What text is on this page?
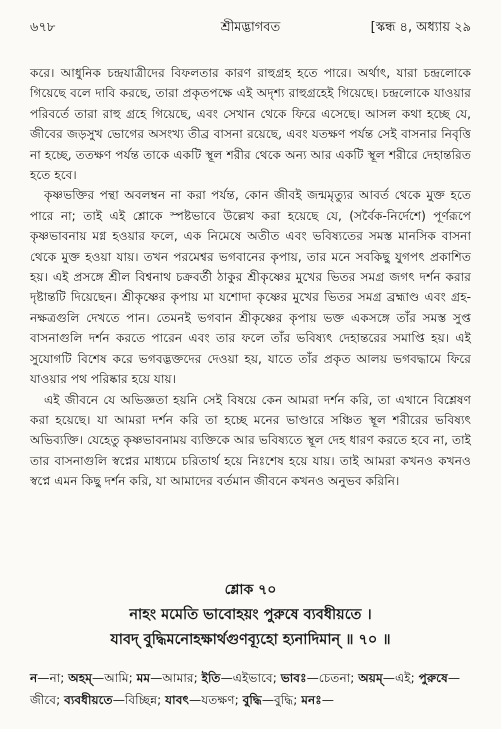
৬৭৮	শ্রীমদ্ভাগবত	[স্কন্ধ ৪, অধ্যায় ২৯

করে। আধুনিক চন্দ্রযাত্রীদের বিফলতার কারণ রাহুগ্রহ হতে পারে। অর্থাৎ, যারা চন্দ্রলোকে গিয়েছে বলে দাবি করছে, তারা প্রকৃতপক্ষে এই অদৃশ্য রাহুগ্রহেই গিয়েছে। চন্দ্রলোকে যাওয়ার পরিবর্তে তারা রাহু গ্রহে গিয়েছে, এবং সেখান থেকে ফিরে এসেছে। আসল কথা হচ্ছে যে, জীবের জড়সুখ ভোগের অসংখ্য তীব্র বাসনা রয়েছে, এবং যতক্ষণ পর্যন্ত সেই বাসনার নিবৃত্তি না হচ্ছে, ততক্ষণ পর্যন্ত তাকে একটি স্থূল শরীর থেকে অন্য আর একটি স্থূল শরীরে দেহান্তরিত হতে হবে।

কৃষ্ণভক্তির পন্থা অবলম্বন না করা পর্যন্ত, কোন জীবই জন্মমৃত্যুর আবর্ত থেকে মুক্ত হতে পারে না; তাই এই শ্লোকে স্পষ্টভাবে উল্লেখ করা হয়েছে যে, (সর্বৈক-নির্দেশে) পূর্ণরূপে কৃষ্ণভাবনায় মগ্ন হওয়ার ফলে, এক নিমেষে অতীত এবং ভবিষ্যতের সমস্ত মানসিক বাসনা থেকে মুক্ত হওয়া যায়। তখন পরমেশ্বর ভগবানের কৃপায়, তার মনে সবকিছু যুগপৎ প্রকাশিত হয়। এই প্রসঙ্গে শ্রীল বিশ্বনাথ চক্রবর্তী ঠাকুর শ্রীকৃষ্ণের মুখের ভিতর সমগ্র জগৎ দর্শন করার দৃষ্টান্তটি দিয়েছেন। শ্রীকৃষ্ণের কৃপায় মা যশোদা কৃষ্ণের মুখের ভিতর সমগ্র ব্রহ্মাণ্ড এবং গ্রহ-নক্ষত্রগুলি দেখতে পান। তেমনই ভগবান শ্রীকৃষ্ণের কৃপায় ভক্ত একসঙ্গে তাঁর সমস্ত সুপ্ত বাসনাগুলি দর্শন করতে পারেন এবং তার ফলে তাঁর ভবিষ্যৎ দেহান্তরের সমাপ্তি হয়। এই সুযোগটি বিশেষ করে ভগবদ্ভক্তদের দেওয়া হয়, যাতে তাঁর প্রকৃত আলয় ভগবদ্ধামে ফিরে যাওয়ার পথ পরিষ্কার হয়ে যায়।

এই জীবনে যে অভিজ্ঞতা হয়নি সেই বিষয়ে কেন আমরা দর্শন করি, তা এখানে বিশ্লেষণ করা হয়েছে। যা আমরা দর্শন করি তা হচ্ছে মনের ভাণ্ডারে সঞ্চিত স্থূল শরীরের ভবিষ্যৎ অভিব্যক্তি। যেহেতু কৃষ্ণভাবনাময় ব্যক্তিকে আর ভবিষ্যতে স্থূল দেহ ধারণ করতে হবে না, তাই তার বাসনাগুলি স্বপ্নের মাধ্যমে চরিতার্থ হয়ে নিঃশেষ হয়ে যায়। তাই আমরা কখনও কখনও স্বপ্নে এমন কিছু দর্শন করি, যা আমাদের বর্তমান জীবনে কখনও অনুভব করিনি।

শ্লোক ৭০
নাহং মমেতি ভাবোহয়ং পুরুষে ব্যবধীয়তে ।
যাবদ্ বুদ্ধিমনোহক্ষার্থগুণব্যূহো হ্যনাদিমান্ ॥ ৭০ ॥
ন—না; অহম্—আমি; মম—আমার; ইতি—এইভাবে; ভাবঃ—চেতনা; অয়ম্—এই; পুরুষে—জীবে; ব্যবধীয়তে—বিচ্ছিন্ন; যাবৎ—যতক্ষণ; বুদ্ধি—বুদ্ধি; মনঃ—
